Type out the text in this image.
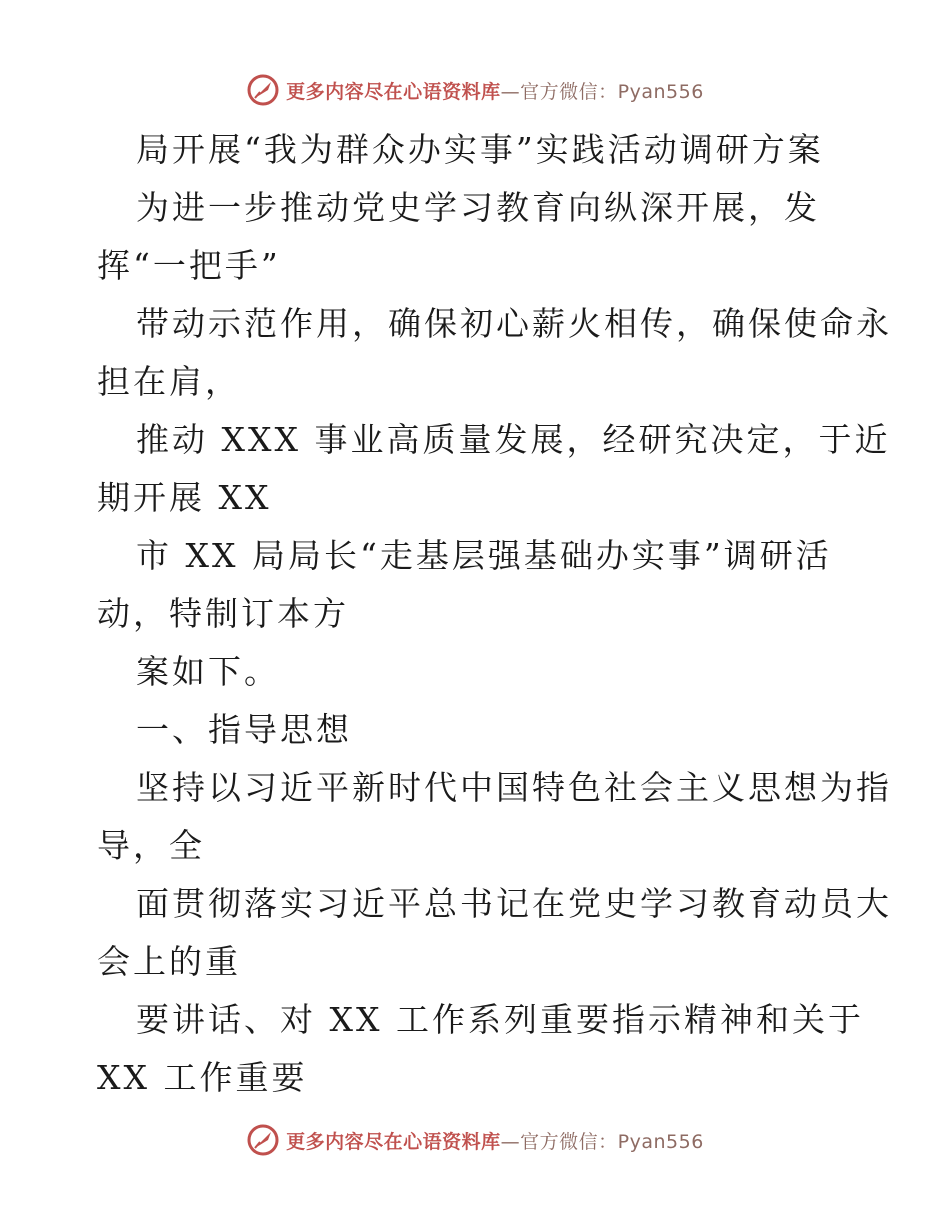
更多内容尽在心语资料库—官方微信：Pyan556
局开展“我为群众办实事”实践活动调研方案
为进一步推动党史学习教育向纵深开展，发
挥“一把手”
带动示范作用，确保初心薪火相传，确保使命永
担在肩，
推动 XXX 事业高质量发展，经研究决定，于近
期开展 XX
市 XX 局局长“走基层强基础办实事”调研活
动，特制订本方
案如下。
一、指导思想
坚持以习近平新时代中国特色社会主义思想为指
导，全
面贯彻落实习近平总书记在党史学习教育动员大
会上的重
要讲话、对 XX 工作系列重要指示精神和关于
XX 工作重要
更多内容尽在心语资料库—官方微信：Pyan556
